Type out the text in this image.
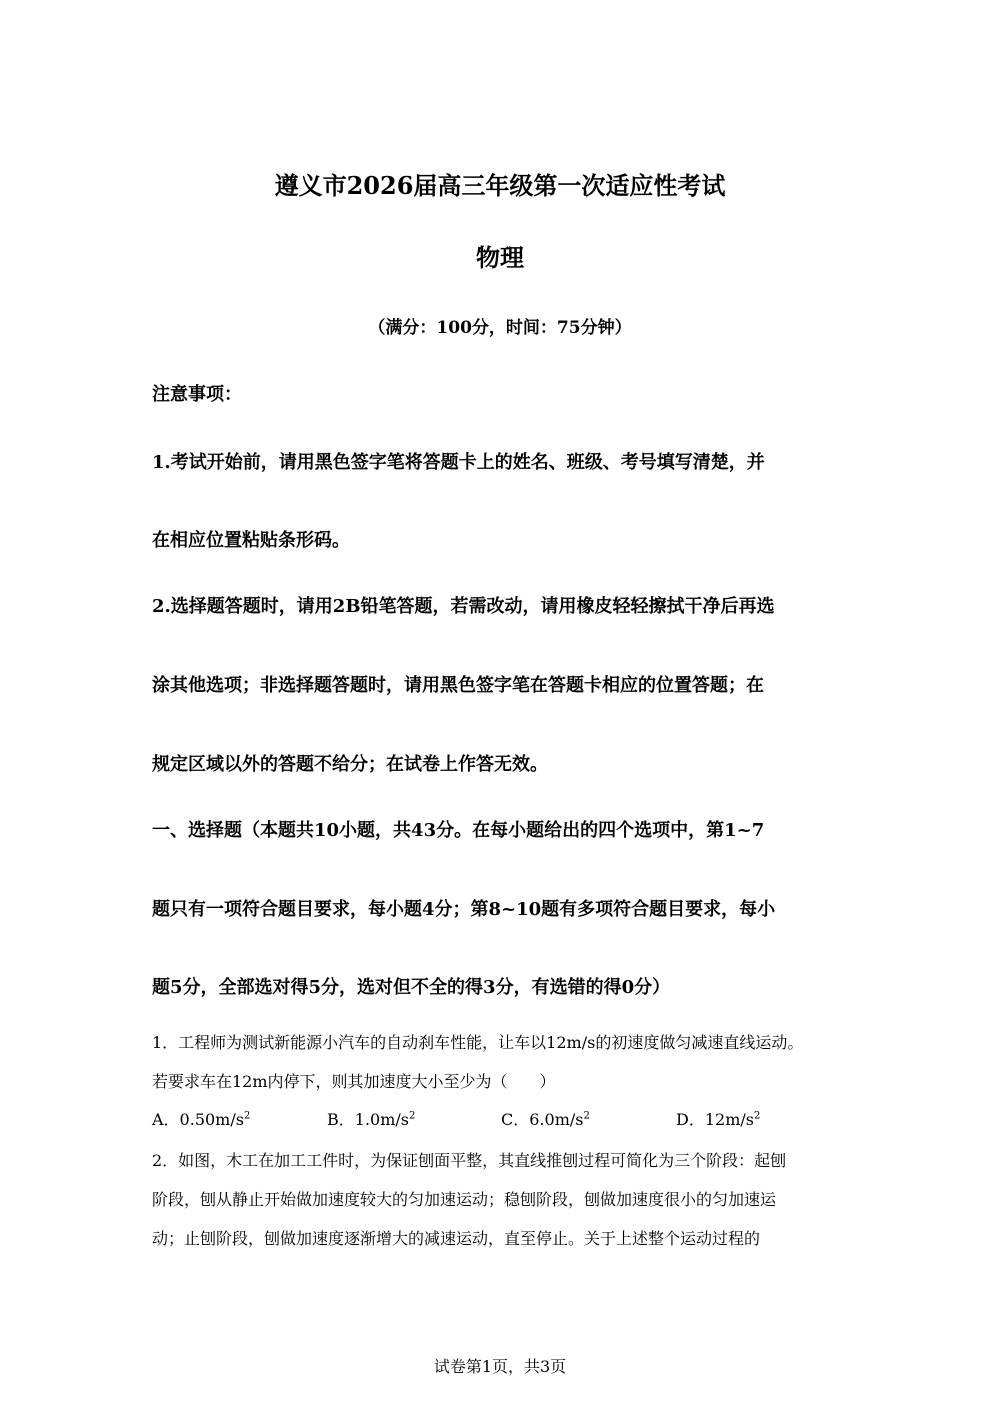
遵义市2026届高三年级第一次适应性考试
物理
（满分：100分，时间：75分钟）
注意事项：
1.考试开始前，请用黑色签字笔将答题卡上的姓名、班级、考号填写清楚，并
在相应位置粘贴条形码。
2.选择题答题时，请用2B铅笔答题，若需改动，请用橡皮轻轻擦拭干净后再选
涂其他选项；非选择题答题时，请用黑色签字笔在答题卡相应的位置答题；在
规定区域以外的答题不给分；在试卷上作答无效。
一、选择题（本题共10小题，共43分。在每小题给出的四个选项中，第1~7
题只有一项符合题目要求，每小题4分；第8~10题有多项符合题目要求，每小
题5分，全部选对得5分，选对但不全的得3分，有选错的得0分）
1．工程师为测试新能源小汽车的自动刹车性能，让车以12m/s的初速度做匀减速直线运动。
若要求车在12m内停下，则其加速度大小至少为（　　）
A．$0.50m/s^2$	B．$1.0m/s^2$	C．$6.0m/s^2$	D．$12m/s^2$
2．如图，木工在加工工件时，为保证刨面平整，其直线推刨过程可简化为三个阶段：起刨
阶段，刨从静止开始做加速度较大的匀加速运动；稳刨阶段，刨做加速度很小的匀加速运
动；止刨阶段，刨做加速度逐渐增大的减速运动，直至停止。关于上述整个运动过程的
试卷第1页，共3页
